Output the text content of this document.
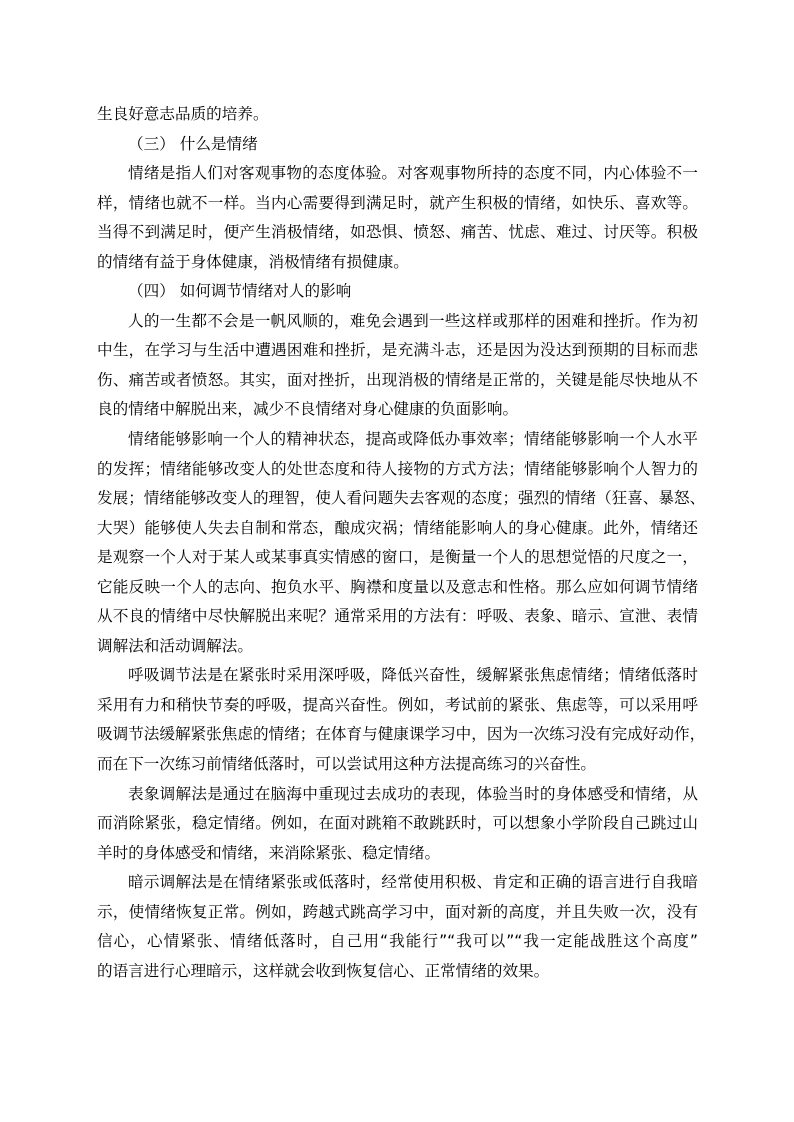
生良好意志品质的培养。
（三） 什么是情绪
情绪是指人们对客观事物的态度体验。对客观事物所持的态度不同，内心体验不一
样，情绪也就不一样。当内心需要得到满足时，就产生积极的情绪，如快乐、喜欢等。
当得不到满足时，便产生消极情绪，如恐惧、愤怒、痛苦、忧虑、难过、讨厌等。积极
的情绪有益于身体健康，消极情绪有损健康。
（四） 如何调节情绪对人的影响
人的一生都不会是一帆风顺的，难免会遇到一些这样或那样的困难和挫折。作为初
中生，在学习与生活中遭遇困难和挫折，是充满斗志，还是因为没达到预期的目标而悲
伤、痛苦或者愤怒。其实，面对挫折，出现消极的情绪是正常的，关键是能尽快地从不
良的情绪中解脱出来，减少不良情绪对身心健康的负面影响。
情绪能够影响一个人的精神状态，提高或降低办事效率；情绪能够影响一个人水平
的发挥；情绪能够改变人的处世态度和待人接物的方式方法；情绪能够影响个人智力的
发展；情绪能够改变人的理智，使人看问题失去客观的态度；强烈的情绪（狂喜、暴怒、
大哭）能够使人失去自制和常态，酿成灾祸；情绪能影响人的身心健康。此外，情绪还
是观察一个人对于某人或某事真实情感的窗口，是衡量一个人的思想觉悟的尺度之一，
它能反映一个人的志向、抱负水平、胸襟和度量以及意志和性格。那么应如何调节情绪
从不良的情绪中尽快解脱出来呢？通常采用的方法有：呼吸、表象、暗示、宣泄、表情
调解法和活动调解法。
呼吸调节法是在紧张时采用深呼吸，降低兴奋性，缓解紧张焦虑情绪；情绪低落时
采用有力和稍快节奏的呼吸，提高兴奋性。例如，考试前的紧张、焦虑等，可以采用呼
吸调节法缓解紧张焦虑的情绪；在体育与健康课学习中，因为一次练习没有完成好动作，
而在下一次练习前情绪低落时，可以尝试用这种方法提高练习的兴奋性。
表象调解法是通过在脑海中重现过去成功的表现，体验当时的身体感受和情绪，从
而消除紧张，稳定情绪。例如，在面对跳箱不敢跳跃时，可以想象小学阶段自己跳过山
羊时的身体感受和情绪，来消除紧张、稳定情绪。
暗示调解法是在情绪紧张或低落时，经常使用积极、肯定和正确的语言进行自我暗
示，使情绪恢复正常。例如，跨越式跳高学习中，面对新的高度，并且失败一次，没有
信心，心情紧张、情绪低落时，自己用“我能行”“我可以”“我一定能战胜这个高度”
的语言进行心理暗示，这样就会收到恢复信心、正常情绪的效果。
